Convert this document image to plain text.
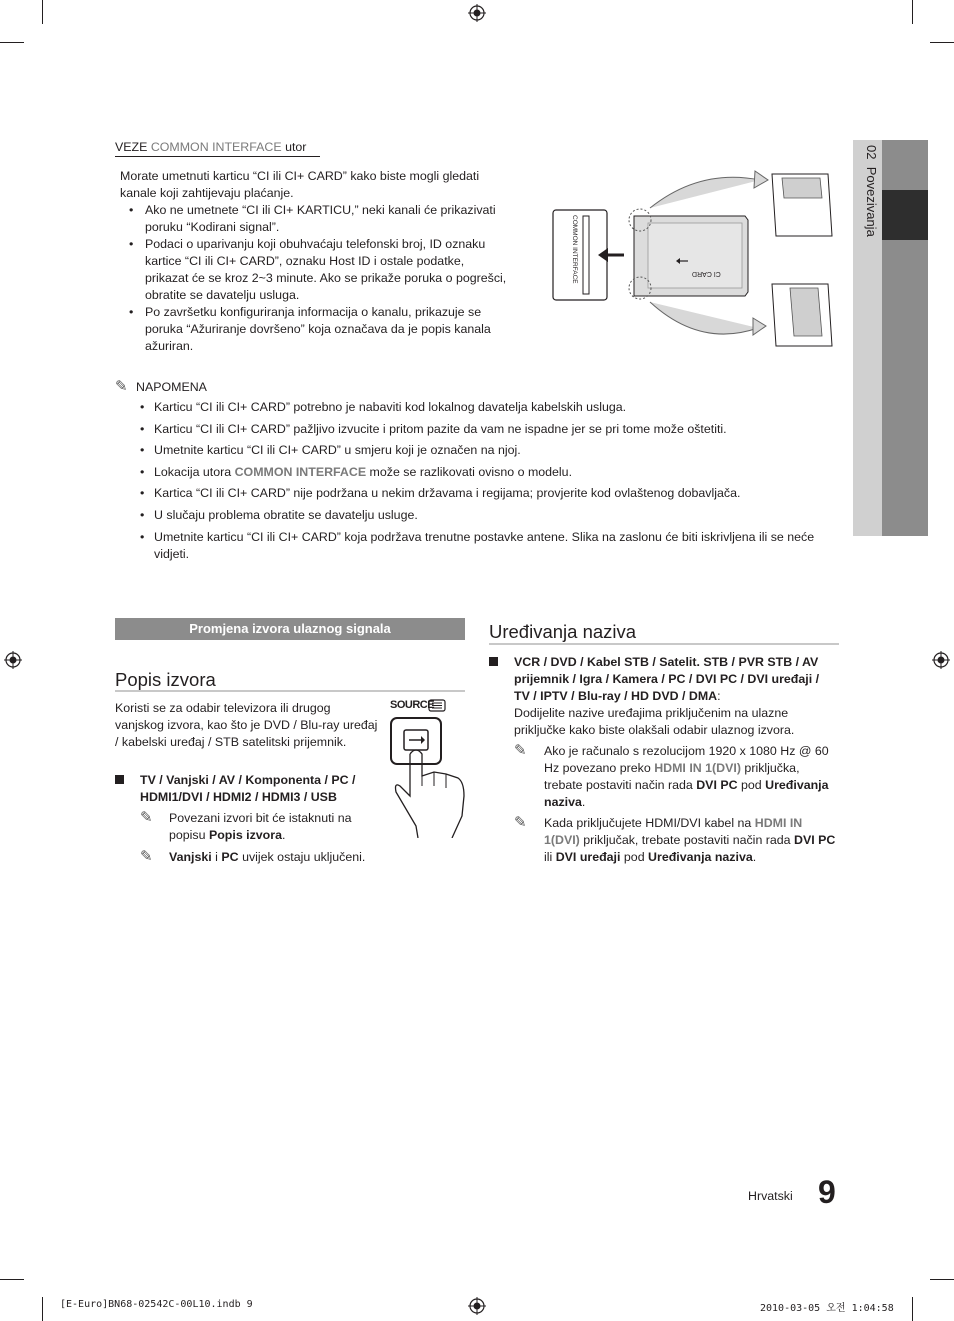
02  Povezivanja
VEZE COMMON INTERFACE utor
Morate umetnuti karticu “CI ili CI+ CARD” kako biste mogli gledati kanale koji zahtijevaju plaćanje.
• Ako ne umetnete “CI ili CI+ KARTICU,” neki kanali će prikazivati poruku “Kodirani signal”.
• Podaci o uparivanju koji obuhvaćaju telefonski broj, ID oznaku kartice “CI ili CI+ CARD”, oznaku Host ID i ostale podatke, prikazat će se kroz 2~3 minute. Ako se prikaže poruka o pogrešci, obratite se davatelju usluga.
• Po završetku konfiguriranja informacija o kanalu, prikazuje se poruka “Ažuriranje dovršeno” koja označava da je popis kanala ažuriran.
COMMON INTERFACE	CI CARD
✎ NAPOMENA
• Karticu “CI ili CI+ CARD” potrebno je nabaviti kod lokalnog davatelja kabelskih usluga.
• Karticu “CI ili CI+ CARD” pažljivo izvucite i pritom pazite da vam ne ispadne jer se pri tome može oštetiti.
• Umetnite karticu “CI ili CI+ CARD” u smjeru koji je označen na njoj.
• Lokacija utora COMMON INTERFACE može se razlikovati ovisno o modelu.
• Kartica “CI ili CI+ CARD” nije podržana u nekim državama i regijama; provjerite kod ovlaštenog dobavljača.
• U slučaju problema obratite se davatelju usluge.
• Umetnite karticu “CI ili CI+ CARD” koja podržava trenutne postavke antene. Slika na zaslonu će biti iskrivljena ili se neće vidjeti.
Promjena izvora ulaznog signala
Popis izvora
Koristi se za odabir televizora ili drugog vanjskog izvora, kao što je DVD / Blu-ray uređaj / kabelski uređaj / STB satelitski prijemnik.
TV / Vanjski / AV / Komponenta / PC / HDMI1/DVI / HDMI2 / HDMI3 / USB
✎	Povezani izvori bit će istaknuti na popisu Popis izvora.
✎	Vanjski i PC uvijek ostaju uključeni.
SOURCE
Uređivanja naziva
VCR / DVD / Kabel STB / Satelit. STB / PVR STB / AV prijemnik / Igra / Kamera / PC / DVI PC / DVI uređaji / TV / IPTV / Blu-ray / HD DVD / DMA:
Dodijelite nazive uređajima priključenim na ulazne priključke kako biste olakšali odabir ulaznog izvora.
✎	Ako je računalo s rezolucijom 1920 x 1080 Hz @ 60 Hz povezano preko HDMI IN 1(DVI) priključka, trebate postaviti način rada DVI PC pod Uređivanja naziva.
✎	Kada priključujete HDMI/DVI kabel na HDMI IN 1(DVI) priključak, trebate postaviti način rada DVI PC ili DVI uređaji pod Uređivanja naziva.
Hrvatski 9
[E-Euro]BN68-02542C-00L10.indb 9	2010-03-05 오전 1:04:58
